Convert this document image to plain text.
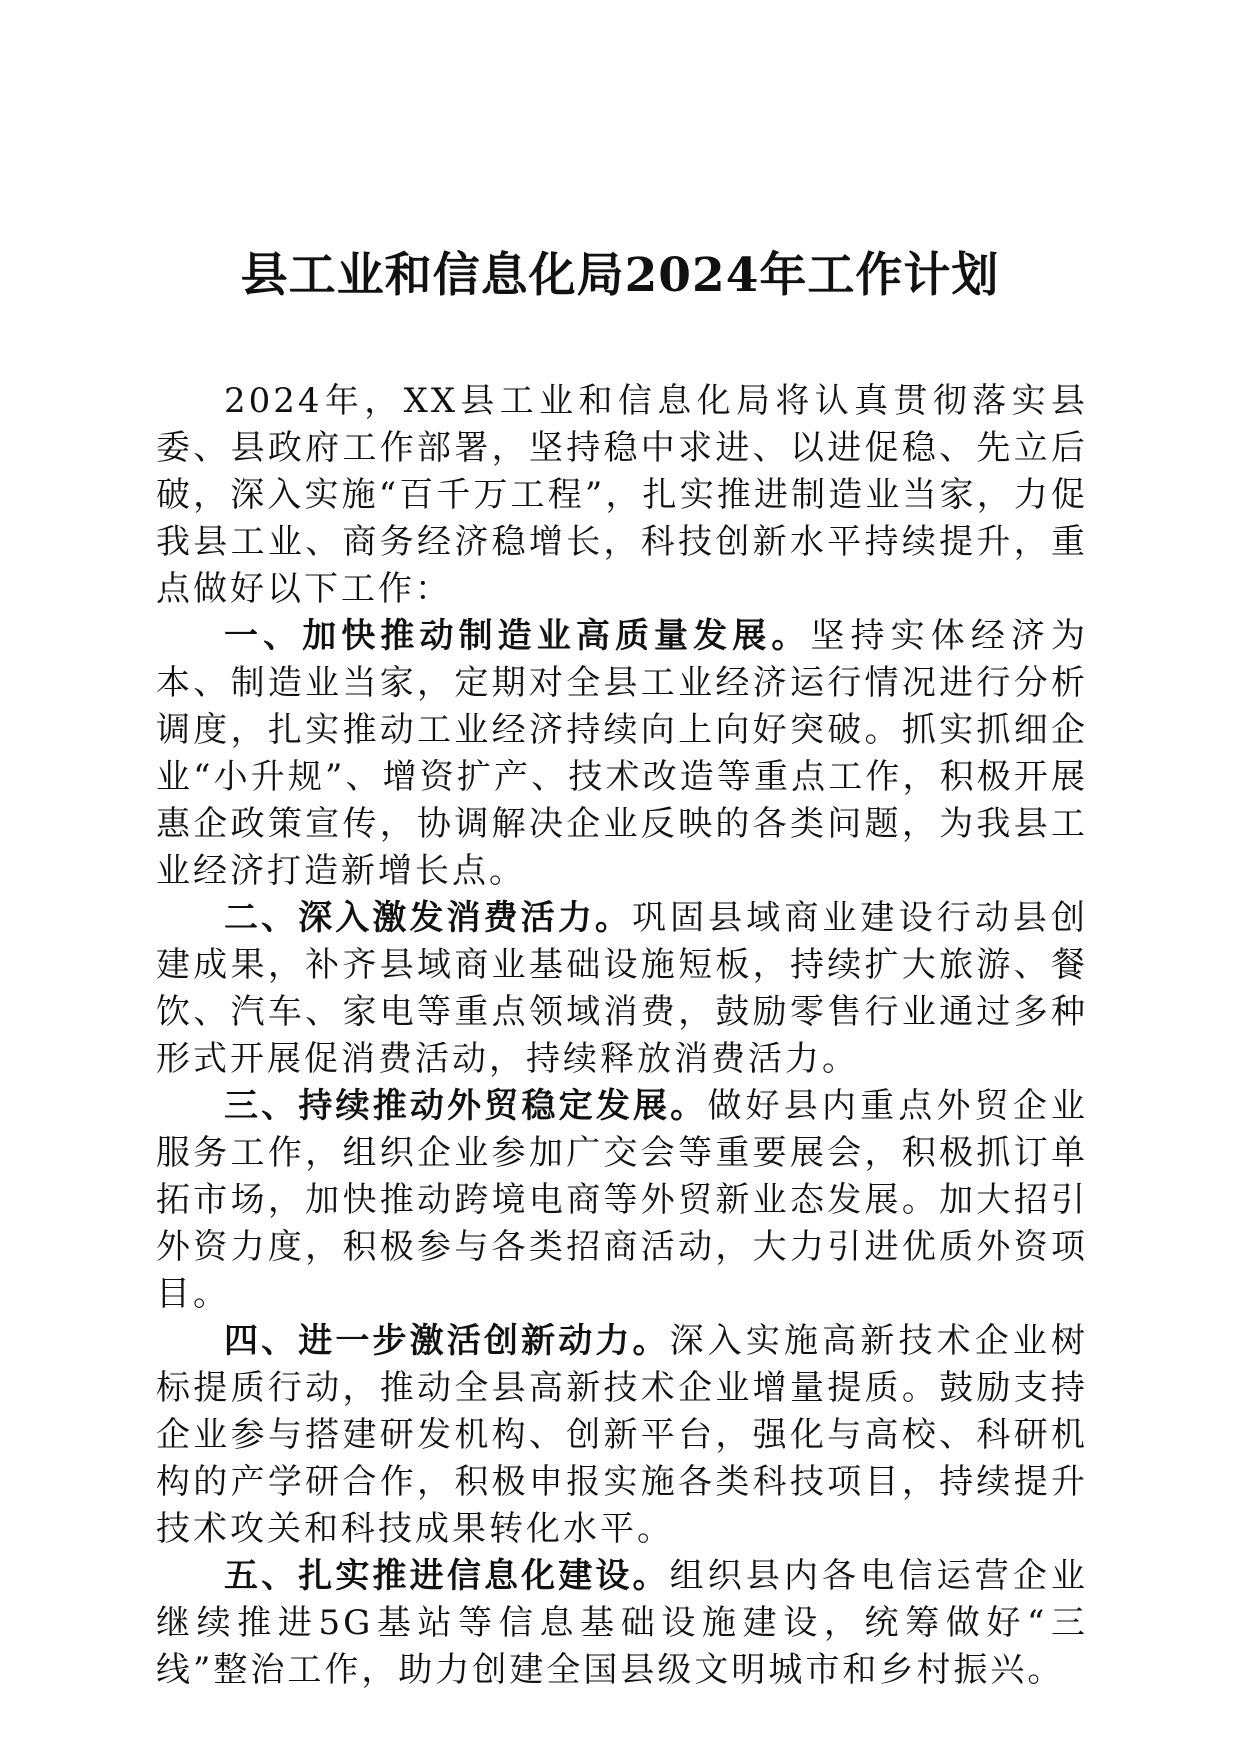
县工业和信息化局2024年工作计划

2024年，XX县工业和信息化局将认真贯彻落实县委、县政府工作部署，坚持稳中求进、以进促稳、先立后破，深入实施“百千万工程”，扎实推进制造业当家，力促我县工业、商务经济稳增长，科技创新水平持续提升，重点做好以下工作：

一、加快推动制造业高质量发展。坚持实体经济为本、制造业当家，定期对全县工业经济运行情况进行分析调度，扎实推动工业经济持续向上向好突破。抓实抓细企业“小升规”、增资扩产、技术改造等重点工作，积极开展惠企政策宣传，协调解决企业反映的各类问题，为我县工业经济打造新增长点。

二、深入激发消费活力。巩固县域商业建设行动县创建成果，补齐县域商业基础设施短板，持续扩大旅游、餐饮、汽车、家电等重点领域消费，鼓励零售行业通过多种形式开展促消费活动，持续释放消费活力。

三、持续推动外贸稳定发展。做好县内重点外贸企业服务工作，组织企业参加广交会等重要展会，积极抓订单拓市场，加快推动跨境电商等外贸新业态发展。加大招引外资力度，积极参与各类招商活动，大力引进优质外资项目。

四、进一步激活创新动力。深入实施高新技术企业树标提质行动，推动全县高新技术企业增量提质。鼓励支持企业参与搭建研发机构、创新平台，强化与高校、科研机构的产学研合作，积极申报实施各类科技项目，持续提升技术攻关和科技成果转化水平。

五、扎实推进信息化建设。组织县内各电信运营企业继续推进5G基站等信息基础设施建设，统筹做好“三线”整治工作，助力创建全国县级文明城市和乡村振兴。
